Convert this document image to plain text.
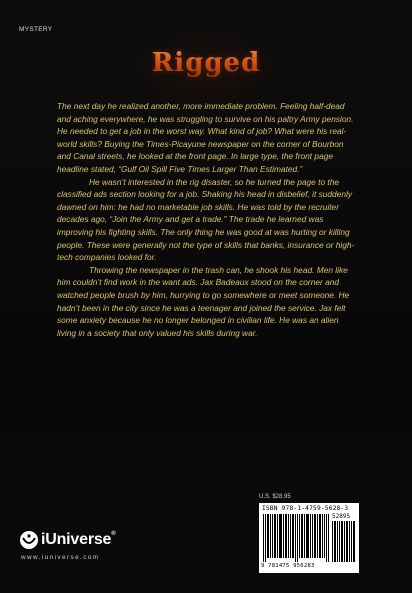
MYSTERY
Rigged

The next day he realized another, more immediate problem. Feeling half-dead and aching everywhere, he was struggling to survive on his paltry Army pension. He needed to get a job in the worst way. What kind of job? What were his real-world skills? Buying the Times-Picayune newspaper on the corner of Bourbon and Canal streets, he looked at the front page. In large type, the front page headline stated, “Gulf Oil Spill Five Times Larger Than Estimated.”

He wasn’t interested in the rig disaster, so he turned the page to the classified ads section looking for a job. Shaking his head in disbelief, it suddenly dawned on him: he had no marketable job skills. He was told by the recruiter decades ago, “Join the Army and get a trade.” The trade he learned was improving his fighting skills. The only thing he was good at was hurting or killing people. These were generally not the type of skills that banks, insurance or high-tech companies looked for.

Throwing the newspaper in the trash can, he shook his head. Men like him couldn’t find work in the want ads. Jax Badeaux stood on the corner and watched people brush by him, hurrying to go somewhere or meet someone. He hadn’t been in the city since he was a teenager and joined the service. Jax felt some anxiety because he no longer belonged in civilian life. He was an alien living in a society that only valued his skills during war.

U.S. $28.95
ISBN 978-1-4759-5628-3
52895
9 781475 956283
iUniverse®
www.iuniverse.com
